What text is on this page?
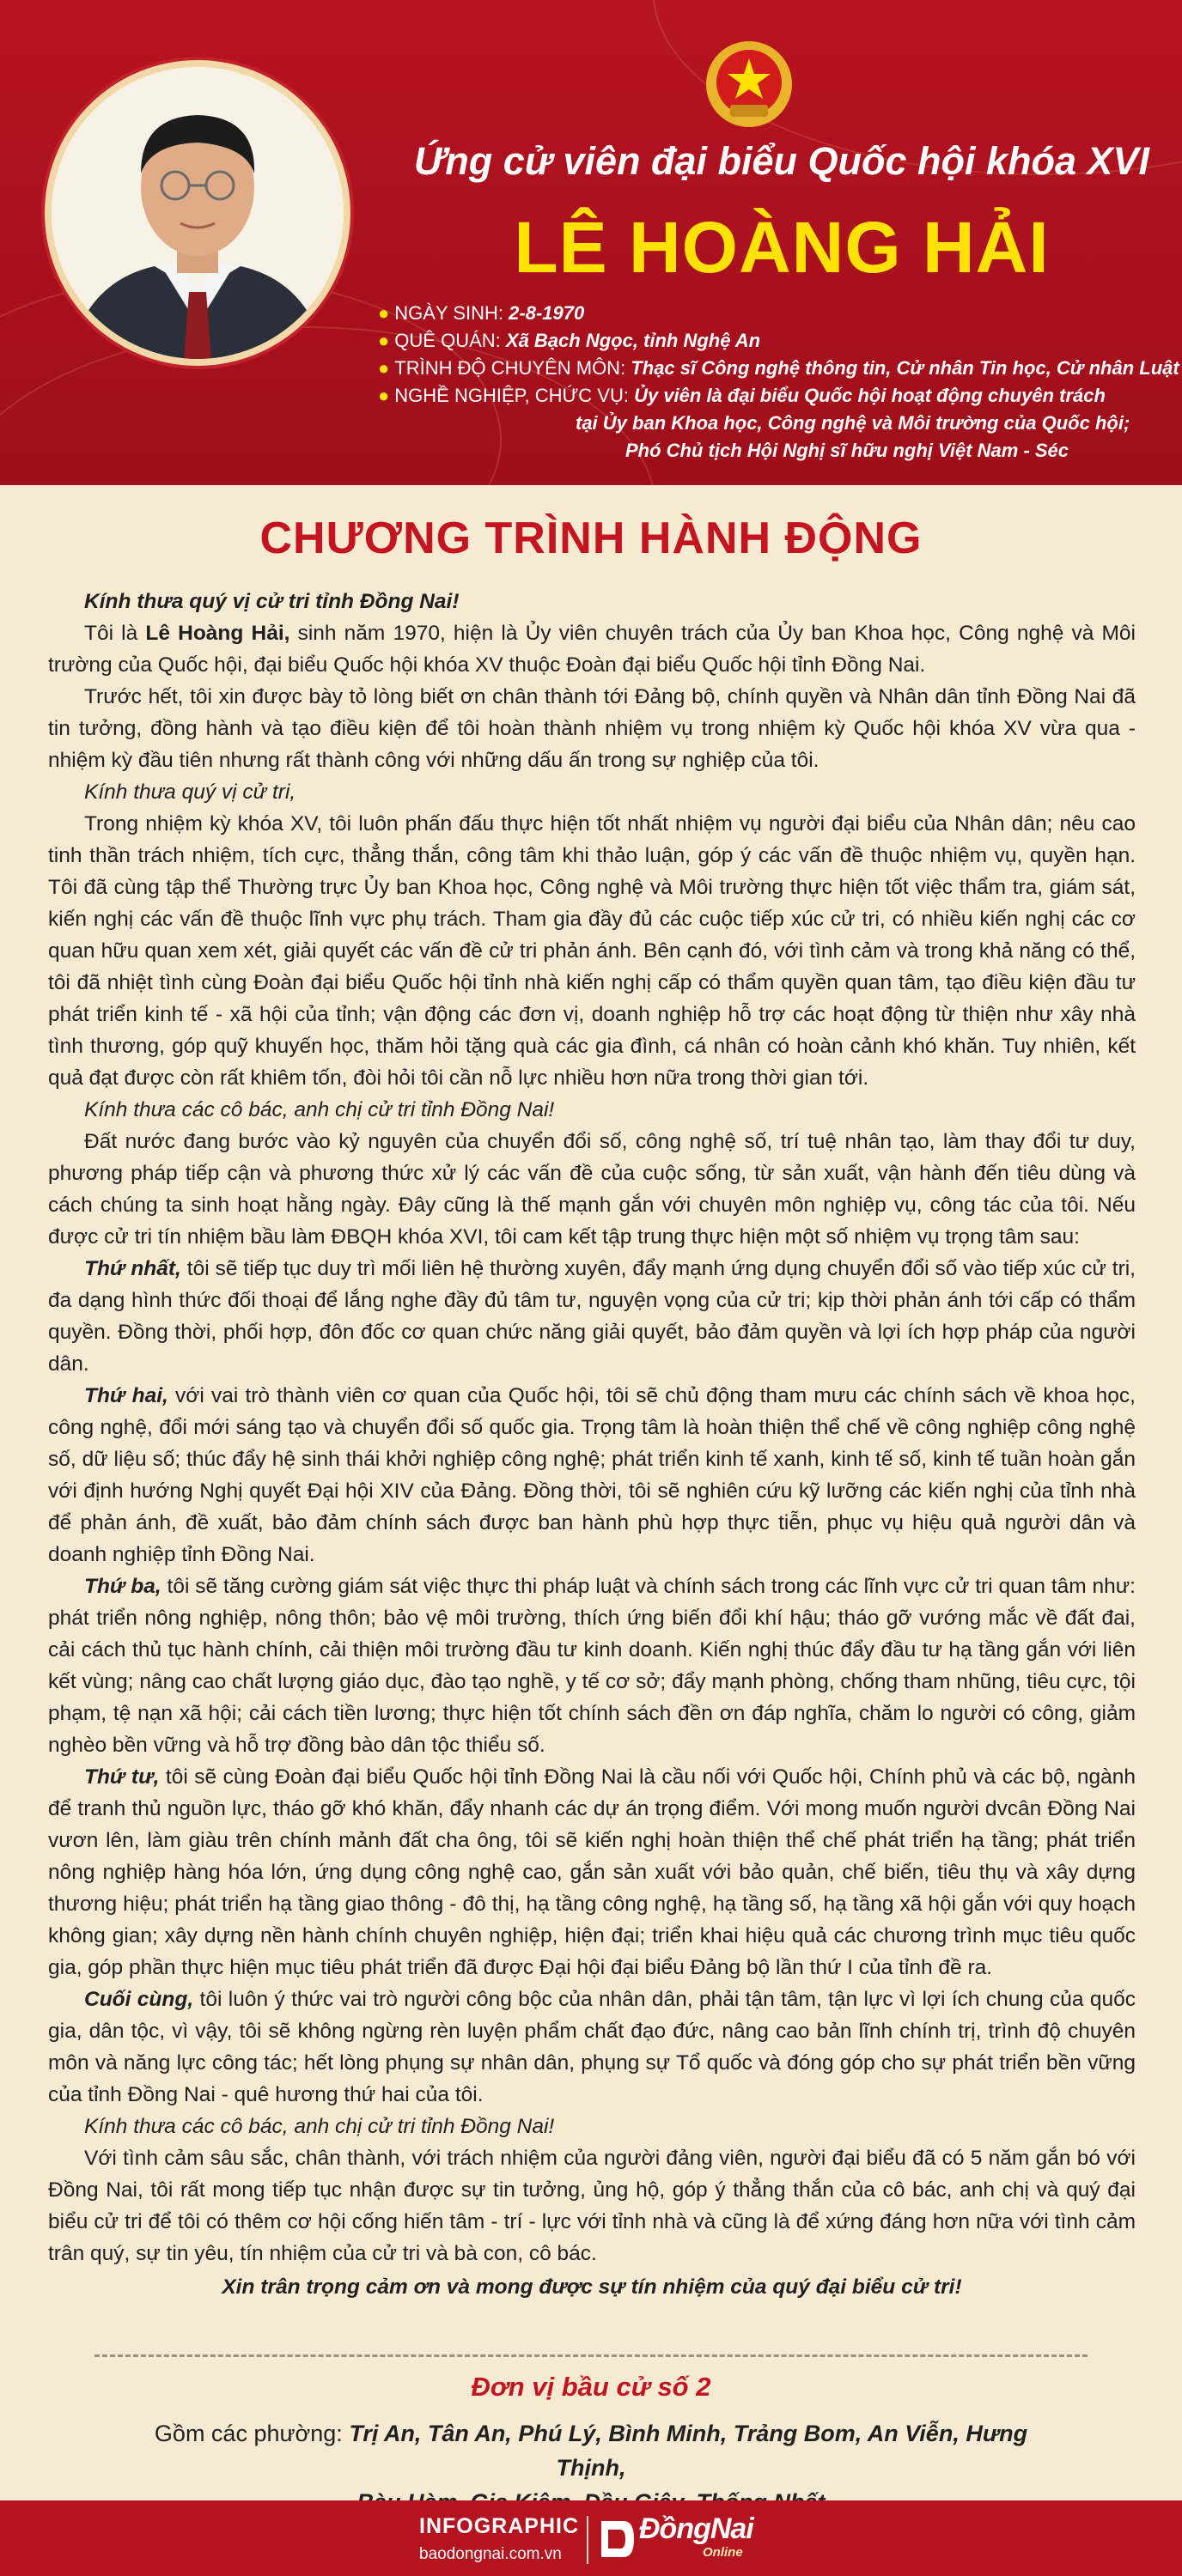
Ứng cử viên đại biểu Quốc hội khóa XVI
LÊ HOÀNG HẢI
● NGÀY SINH: 2-8-1970
● QUÊ QUÁN: Xã Bạch Ngọc, tỉnh Nghệ An
● TRÌNH ĐỘ CHUYÊN MÔN: Thạc sĩ Công nghệ thông tin, Cử nhân Tin học, Cử nhân Luật
● NGHỀ NGHIỆP, CHỨC VỤ: Ủy viên là đại biểu Quốc hội hoạt động chuyên trách
tại Ủy ban Khoa học, Công nghệ và Môi trường của Quốc hội;
Phó Chủ tịch Hội Nghị sĩ hữu nghị Việt Nam - Séc
CHƯƠNG TRÌNH HÀNH ĐỘNG

Kính thưa quý vị cử tri tỉnh Đồng Nai!

Tôi là Lê Hoàng Hải, sinh năm 1970, hiện là Ủy viên chuyên trách của Ủy ban Khoa học, Công nghệ và Môi trường của Quốc hội, đại biểu Quốc hội khóa XV thuộc Đoàn đại biểu Quốc hội tỉnh Đồng Nai.

Trước hết, tôi xin được bày tỏ lòng biết ơn chân thành tới Đảng bộ, chính quyền và Nhân dân tỉnh Đồng Nai đã tin tưởng, đồng hành và tạo điều kiện để tôi hoàn thành nhiệm vụ trong nhiệm kỳ Quốc hội khóa XV vừa qua - nhiệm kỳ đầu tiên nhưng rất thành công với những dấu ấn trong sự nghiệp của tôi.

Kính thưa quý vị cử tri,

Trong nhiệm kỳ khóa XV, tôi luôn phấn đấu thực hiện tốt nhất nhiệm vụ người đại biểu của Nhân dân; nêu cao tinh thần trách nhiệm, tích cực, thẳng thắn, công tâm khi thảo luận, góp ý các vấn đề thuộc nhiệm vụ, quyền hạn. Tôi đã cùng tập thể Thường trực Ủy ban Khoa học, Công nghệ và Môi trường thực hiện tốt việc thẩm tra, giám sát, kiến nghị các vấn đề thuộc lĩnh vực phụ trách. Tham gia đầy đủ các cuộc tiếp xúc cử tri, có nhiều kiến nghị các cơ quan hữu quan xem xét, giải quyết các vấn đề cử tri phản ánh. Bên cạnh đó, với tình cảm và trong khả năng có thể, tôi đã nhiệt tình cùng Đoàn đại biểu Quốc hội tỉnh nhà kiến nghị cấp có thẩm quyền quan tâm, tạo điều kiện đầu tư phát triển kinh tế - xã hội của tỉnh; vận động các đơn vị, doanh nghiệp hỗ trợ các hoạt động từ thiện như xây nhà tình thương, góp quỹ khuyến học, thăm hỏi tặng quà các gia đình, cá nhân có hoàn cảnh khó khăn. Tuy nhiên, kết quả đạt được còn rất khiêm tốn, đòi hỏi tôi cần nỗ lực nhiều hơn nữa trong thời gian tới.

Kính thưa các cô bác, anh chị cử tri tỉnh Đồng Nai!

Đất nước đang bước vào kỷ nguyên của chuyển đổi số, công nghệ số, trí tuệ nhân tạo, làm thay đổi tư duy, phương pháp tiếp cận và phương thức xử lý các vấn đề của cuộc sống, từ sản xuất, vận hành đến tiêu dùng và cách chúng ta sinh hoạt hằng ngày. Đây cũng là thế mạnh gắn với chuyên môn nghiệp vụ, công tác của tôi. Nếu được cử tri tín nhiệm bầu làm ĐBQH khóa XVI, tôi cam kết tập trung thực hiện một số nhiệm vụ trọng tâm sau:

Thứ nhất, tôi sẽ tiếp tục duy trì mối liên hệ thường xuyên, đẩy mạnh ứng dụng chuyển đổi số vào tiếp xúc cử tri, đa dạng hình thức đối thoại để lắng nghe đầy đủ tâm tư, nguyện vọng của cử tri; kịp thời phản ánh tới cấp có thẩm quyền. Đồng thời, phối hợp, đôn đốc cơ quan chức năng giải quyết, bảo đảm quyền và lợi ích hợp pháp của người dân.

Thứ hai, với vai trò thành viên cơ quan của Quốc hội, tôi sẽ chủ động tham mưu các chính sách về khoa học, công nghệ, đổi mới sáng tạo và chuyển đổi số quốc gia. Trọng tâm là hoàn thiện thể chế về công nghiệp công nghệ số, dữ liệu số; thúc đẩy hệ sinh thái khởi nghiệp công nghệ; phát triển kinh tế xanh, kinh tế số, kinh tế tuần hoàn gắn với định hướng Nghị quyết Đại hội XIV của Đảng. Đồng thời, tôi sẽ nghiên cứu kỹ lưỡng các kiến nghị của tỉnh nhà để phản ánh, đề xuất, bảo đảm chính sách được ban hành phù hợp thực tiễn, phục vụ hiệu quả người dân và doanh nghiệp tỉnh Đồng Nai.

Thứ ba, tôi sẽ tăng cường giám sát việc thực thi pháp luật và chính sách trong các lĩnh vực cử tri quan tâm như: phát triển nông nghiệp, nông thôn; bảo vệ môi trường, thích ứng biến đổi khí hậu; tháo gỡ vướng mắc về đất đai, cải cách thủ tục hành chính, cải thiện môi trường đầu tư kinh doanh. Kiến nghị thúc đẩy đầu tư hạ tầng gắn với liên kết vùng; nâng cao chất lượng giáo dục, đào tạo nghề, y tế cơ sở; đẩy mạnh phòng, chống tham nhũng, tiêu cực, tội phạm, tệ nạn xã hội; cải cách tiền lương; thực hiện tốt chính sách đền ơn đáp nghĩa, chăm lo người có công, giảm nghèo bền vững và hỗ trợ đồng bào dân tộc thiểu số.

Thứ tư, tôi sẽ cùng Đoàn đại biểu Quốc hội tỉnh Đồng Nai là cầu nối với Quốc hội, Chính phủ và các bộ, ngành để tranh thủ nguồn lực, tháo gỡ khó khăn, đẩy nhanh các dự án trọng điểm. Với mong muốn người dvcân Đồng Nai vươn lên, làm giàu trên chính mảnh đất cha ông, tôi sẽ kiến nghị hoàn thiện thể chế phát triển hạ tầng; phát triển nông nghiệp hàng hóa lớn, ứng dụng công nghệ cao, gắn sản xuất với bảo quản, chế biến, tiêu thụ và xây dựng thương hiệu; phát triển hạ tầng giao thông - đô thị, hạ tầng công nghệ, hạ tầng số, hạ tầng xã hội gắn với quy hoạch không gian; xây dựng nền hành chính chuyên nghiệp, hiện đại; triển khai hiệu quả các chương trình mục tiêu quốc gia, góp phần thực hiện mục tiêu phát triển đã được Đại hội đại biểu Đảng bộ lần thứ I của tỉnh đề ra.

Cuối cùng, tôi luôn ý thức vai trò người công bộc của nhân dân, phải tận tâm, tận lực vì lợi ích chung của quốc gia, dân tộc, vì vậy, tôi sẽ không ngừng rèn luyện phẩm chất đạo đức, nâng cao bản lĩnh chính trị, trình độ chuyên môn và năng lực công tác; hết lòng phụng sự nhân dân, phụng sự Tổ quốc và đóng góp cho sự phát triển bền vững của tỉnh Đồng Nai - quê hương thứ hai của tôi.

Kính thưa các cô bác, anh chị cử tri tỉnh Đồng Nai!

Với tình cảm sâu sắc, chân thành, với trách nhiệm của người đảng viên, người đại biểu đã có 5 năm gắn bó với Đồng Nai, tôi rất mong tiếp tục nhận được sự tin tưởng, ủng hộ, góp ý thẳng thắn của cô bác, anh chị và quý đại biểu cử tri để tôi có thêm cơ hội cống hiến tâm - trí - lực với tỉnh nhà và cũng là để xứng đáng hơn nữa với tình cảm trân quý, sự tin yêu, tín nhiệm của cử tri và bà con, cô bác.

Xin trân trọng cảm ơn và mong được sự tín nhiệm của quý đại biểu cử tri!

Đơn vị bầu cử số 2
Gồm các phường: Trị An, Tân An, Phú Lý, Bình Minh, Trảng Bom, An Viễn, Hưng Thịnh,

INFOGRAPHIC
baodongnai.com.vn
ĐồngNai
Online
